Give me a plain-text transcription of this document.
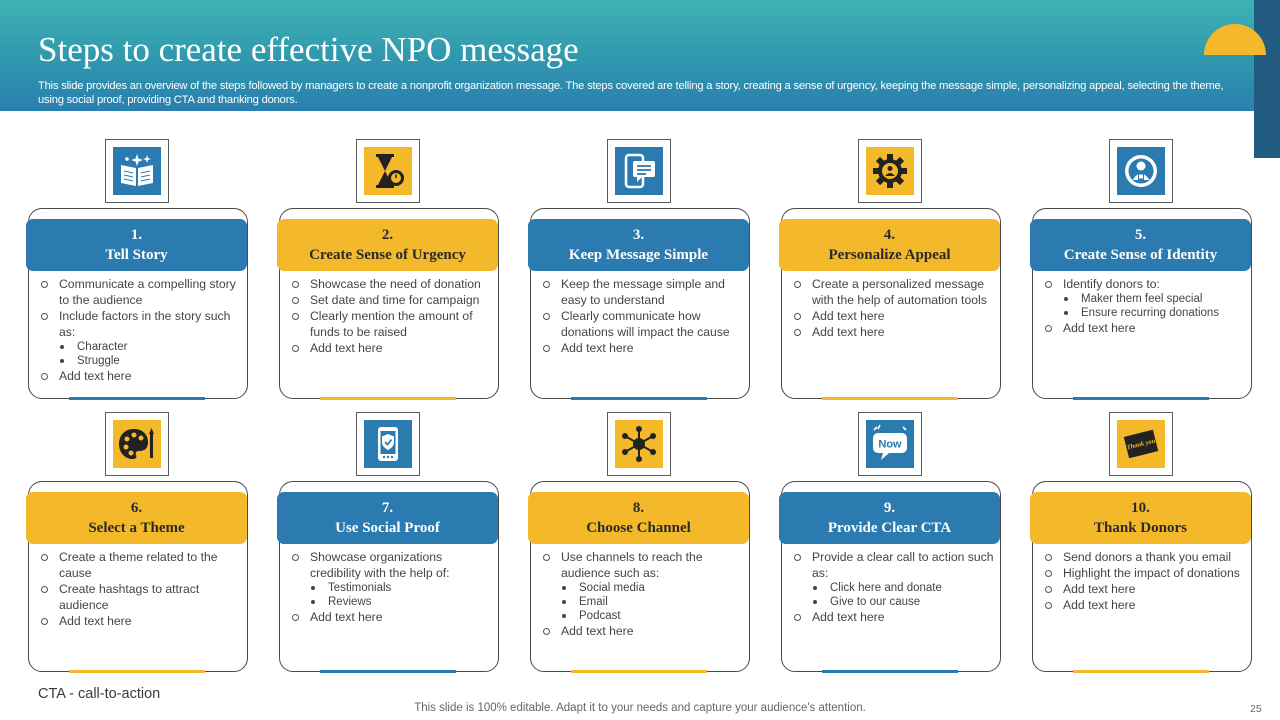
Steps to create effective NPO message
This slide provides an overview of the steps followed by managers to create a nonprofit organization message. The steps covered are telling a story, creating a sense of urgency, keeping the message simple, personalizing appeal, selecting the theme, using social proof, providing CTA and thanking donors.
1.
Tell Story
Communicate a compelling story to the audience
Include factors in the story such as:
Character
Struggle
Add text here
2.
Create Sense of Urgency
Showcase the need of donation
Set date and time for campaign
Clearly mention the amount of funds to be raised
Add text here
3.
Keep Message Simple
Keep the message simple and easy to understand
Clearly communicate how donations will impact the cause
Add text here
4.
Personalize Appeal
Create a personalized message with the help of automation tools
Add text here
Add text here
5.
Create Sense of Identity
Identify donors to:
Maker them feel special
Ensure recurring donations
Add text here
6.
Select a Theme
Create a theme related to the cause
Create hashtags to attract audience
Add text here
7.
Use Social Proof
Showcase organizations credibility with the help of:
Testimonials
Reviews
Add text here
8.
Choose Channel
Use channels to reach the audience such as:
Social media
Email
Podcast
Add text here
Now
9.
Provide Clear CTA
Provide a clear call to action such as:
Click here and donate
Give to our cause
Add text here
Thank you
10.
Thank Donors
Send donors a thank you email
Highlight the impact of donations
Add text here
Add text here
CTA - call-to-action
This slide is 100% editable. Adapt it to your needs and capture your audience's attention.	25
